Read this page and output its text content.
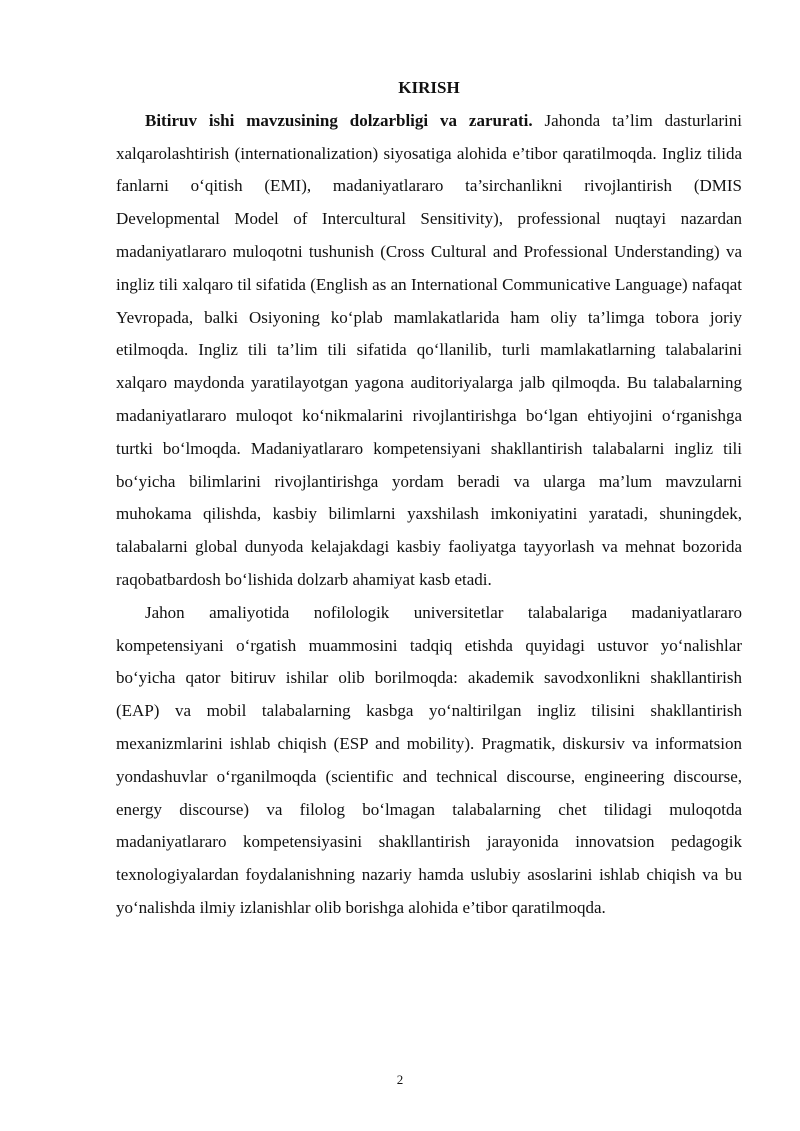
KIRISH

Bitiruv ishi mavzusining dolzarbligi va zarurati. Jahonda ta’lim dasturlarini xalqarolashtirish (internationalization) siyosatiga alohida e’tibor qaratilmoqda. Ingliz tilida fanlarni o‘qitish (EMI), madaniyatlararo ta’sirchanlikni rivojlantirish (DMIS Developmental Model of Intercultural Sensitivity), professional nuqtayi nazardan madaniyatlararo muloqotni tushunish (Cross Cultural and Professional Understanding) va ingliz tili xalqaro til sifatida (English as an International Communicative Language) nafaqat Yevropada, balki Osiyoning ko‘plab mamlakatlarida ham oliy ta’limga tobora joriy etilmoqda. Ingliz tili ta’lim tili sifatida qo‘llanilib, turli mamlakatlarning talabalarini xalqaro maydonda yaratilayotgan yagona auditoriyalarga jalb qilmoqda. Bu talabalarning madaniyatlararo muloqot ko‘nikmalarini rivojlantirishga bo‘lgan ehtiyojini o‘rganishga turtki bo‘lmoqda. Madaniyatlararo kompetensiyani shakllantirish talabalarni ingliz tili bo‘yicha bilimlarini rivojlantirishga yordam beradi va ularga ma’lum mavzularni muhokama qilishda, kasbiy bilimlarni yaxshilash imkoniyatini yaratadi, shuningdek, talabalarni global dunyoda kelajakdagi kasbiy faoliyatga tayyorlash va mehnat bozorida raqobatbardosh bo‘lishida dolzarb ahamiyat kasb etadi.

Jahon amaliyotida nofilologik universitetlar talabalariga madaniyatlararo kompetensiyani o‘rgatish muammosini tadqiq etishda quyidagi ustuvor yo‘nalishlar bo‘yicha qator bitiruv ishilar olib borilmoqda: akademik savodxonlikni shakllantirish (EAP) va mobil talabalarning kasbga yo‘naltirilgan ingliz tilisini shakllantirish mexanizmlarini ishlab chiqish (ESP and mobility). Pragmatik, diskursiv va informatsion yondashuvlar o‘rganilmoqda (scientific and technical discourse, engineering discourse, energy discourse) va filolog bo‘lmagan talabalarning chet tilidagi muloqotda madaniyatlararo kompetensiyasini shakllantirish jarayonida innovatsion pedagogik texnologiyalardan foydalanishning nazariy hamda uslubiy asoslarini ishlab chiqish va bu yo‘nalishda ilmiy izlanishlar olib borishga alohida e’tibor qaratilmoqda.

2
